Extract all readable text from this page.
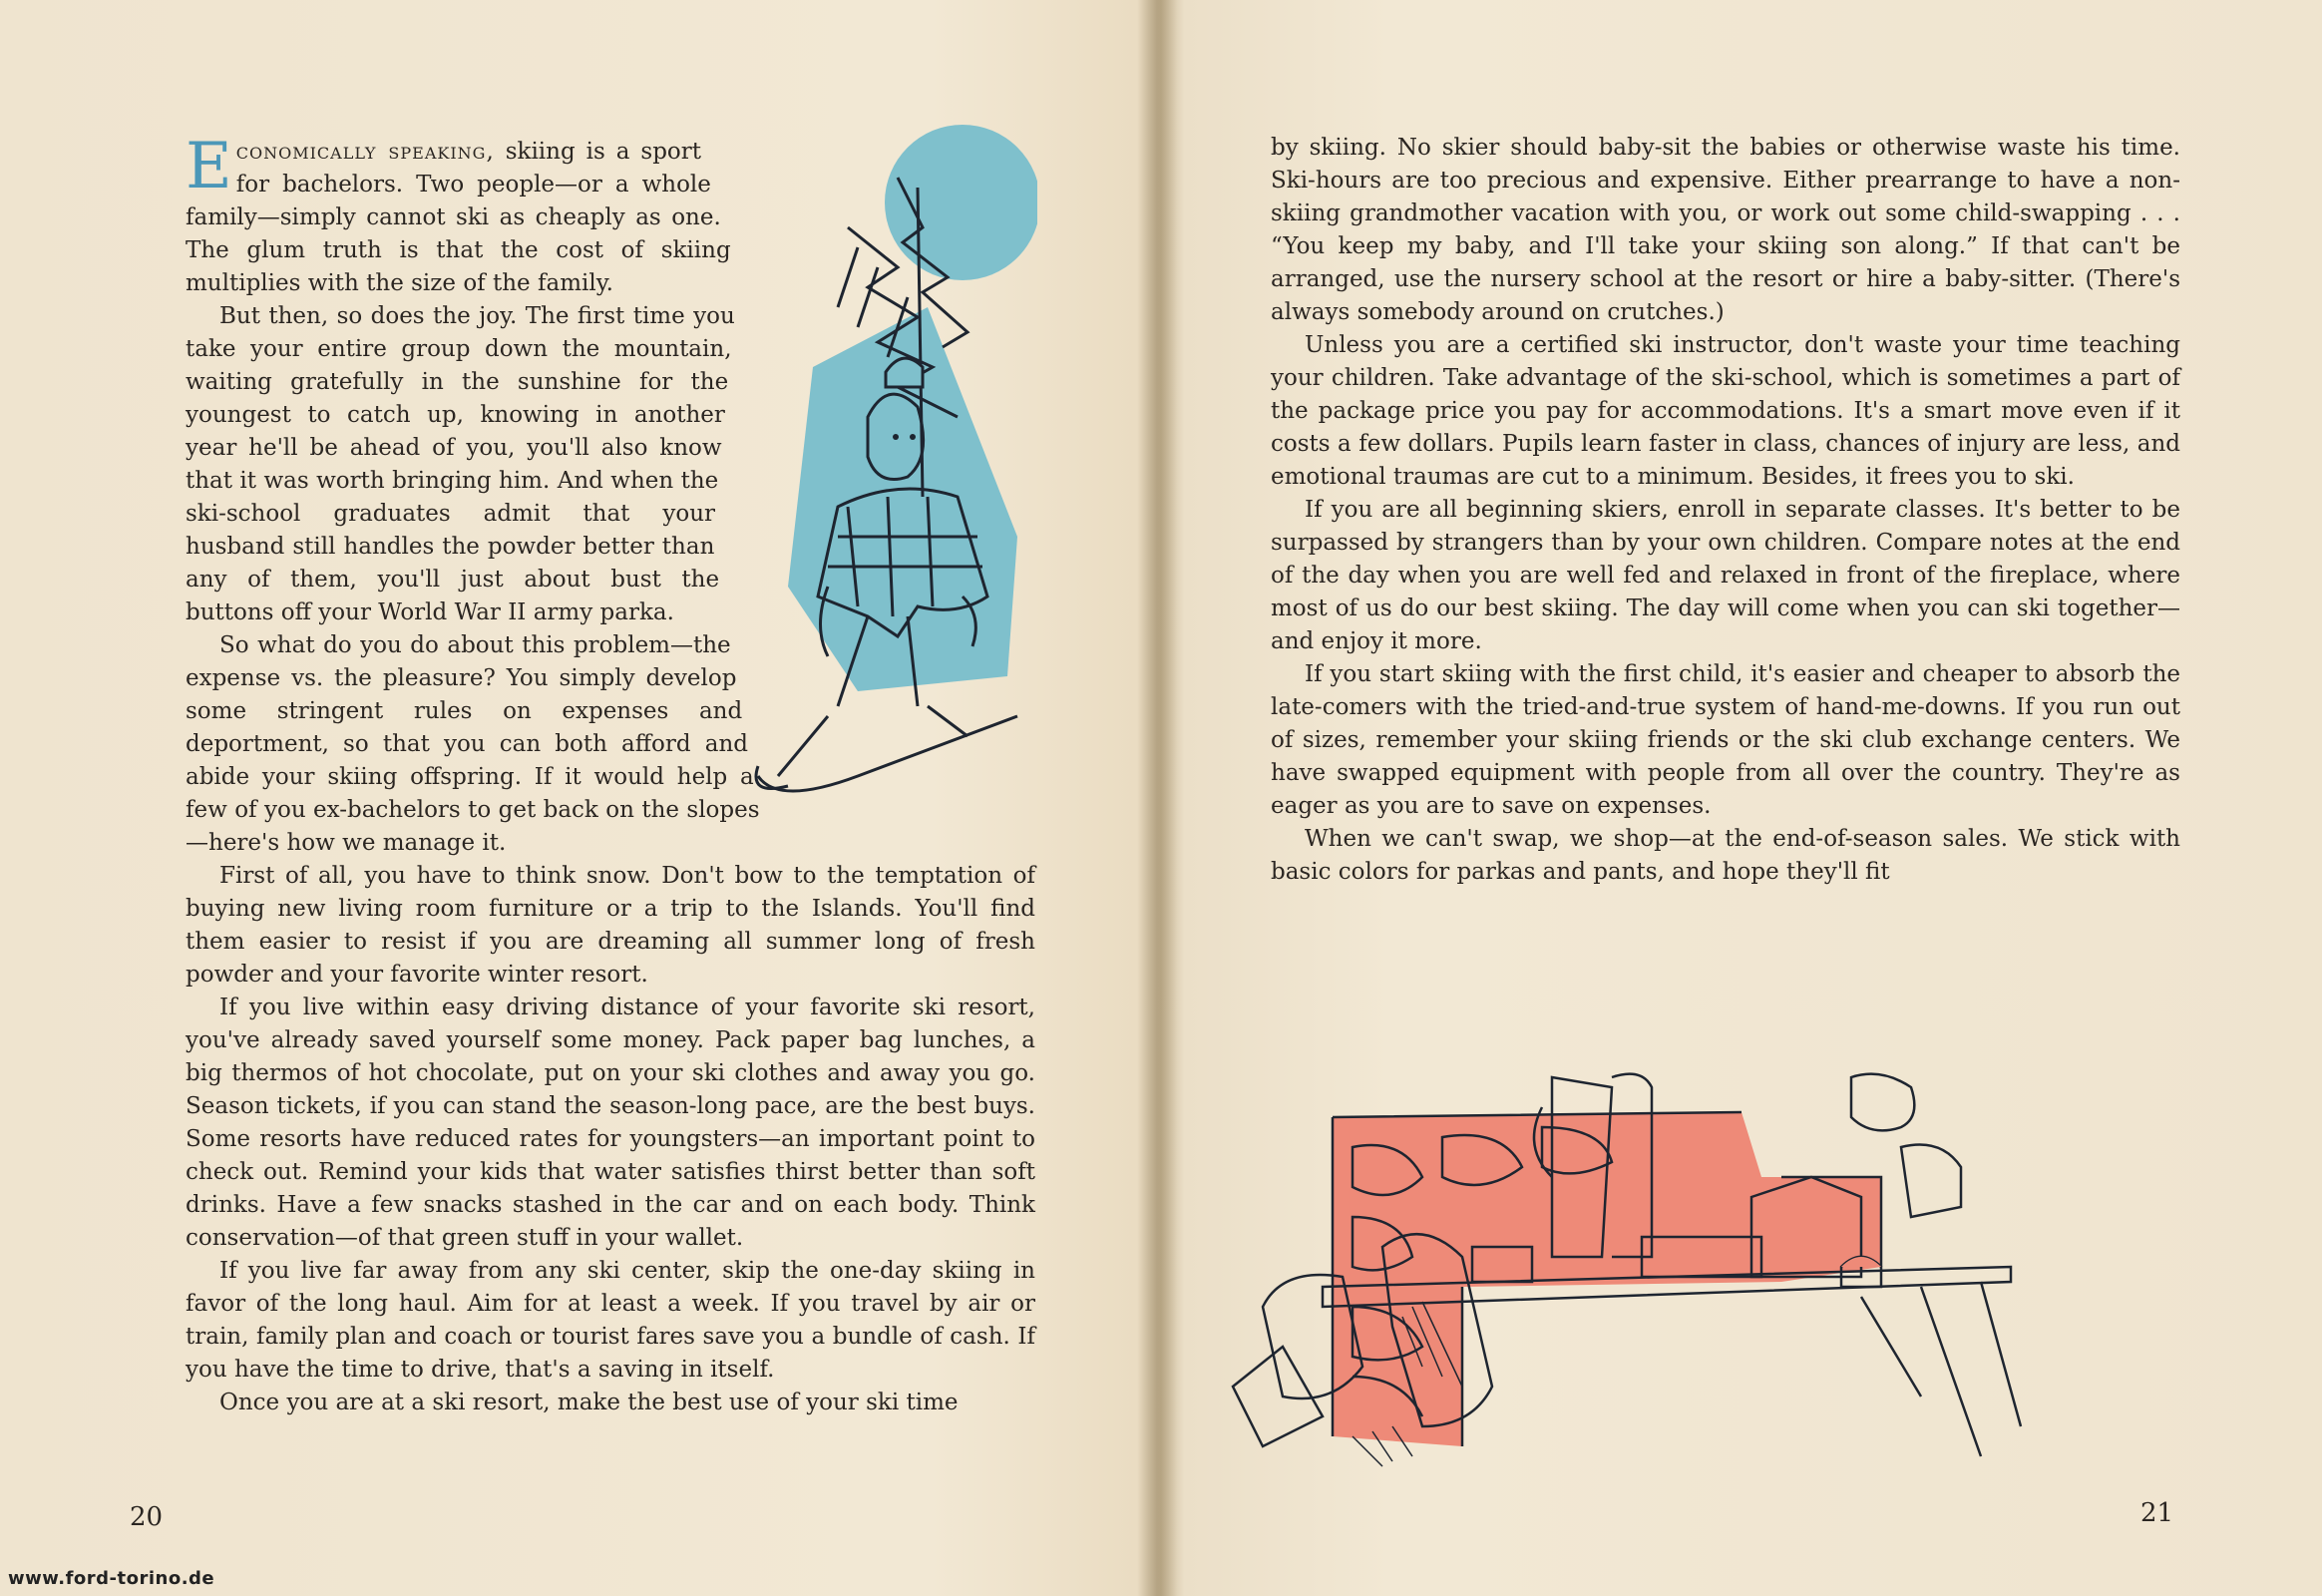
Economically speaking, skiing is a sport for bachelors. Two people—or a whole family—simply cannot ski as cheaply as one. The glum truth is that the cost of skiing multiplies with the size of the family.

But then, so does the joy. The first time you take your entire group down the mountain, waiting gratefully in the sunshine for the youngest to catch up, knowing in another year he'll be ahead of you, you'll also know that it was worth bringing him. And when the ski-school graduates admit that your husband still handles the powder better than any of them, you'll just about bust the buttons off your World War II army parka.

So what do you do about this problem—the expense vs. the pleasure? You simply develop some stringent rules on expenses and deportment, so that you can both afford and abide your skiing offspring. If it would help a few of you ex-bachelors to get back on the slopes—here's how we manage it.

First of all, you have to think snow. Don't bow to the temptation of buying new living room furniture or a trip to the Islands. You'll find them easier to resist if you are dreaming all summer long of fresh powder and your favorite winter resort.

If you live within easy driving distance of your favorite ski resort, you've already saved yourself some money. Pack paper bag lunches, a big thermos of hot chocolate, put on your ski clothes and away you go. Season tickets, if you can stand the season-long pace, are the best buys. Some resorts have reduced rates for youngsters—an important point to check out. Remind your kids that water satisfies thirst better than soft drinks. Have a few snacks stashed in the car and on each body. Think conservation—of that green stuff in your wallet.

If you live far away from any ski center, skip the one-day skiing in favor of the long haul. Aim for at least a week. If you travel by air or train, family plan and coach or tourist fares save you a bundle of cash. If you have the time to drive, that's a saving in itself.

Once you are at a ski resort, make the best use of your ski time

20

by skiing. No skier should baby-sit the babies or otherwise waste his time. Ski-hours are too precious and expensive. Either prearrange to have a non-skiing grandmother vacation with you, or work out some child-swapping . . . “You keep my baby, and I'll take your skiing son along.” If that can't be arranged, use the nursery school at the resort or hire a baby-sitter. (There's always somebody around on crutches.)

Unless you are a certified ski instructor, don't waste your time teaching your children. Take advantage of the ski-school, which is sometimes a part of the package price you pay for accommodations. It's a smart move even if it costs a few dollars. Pupils learn faster in class, chances of injury are less, and emotional traumas are cut to a minimum. Besides, it frees you to ski.

If you are all beginning skiers, enroll in separate classes. It's better to be surpassed by strangers than by your own children. Compare notes at the end of the day when you are well fed and relaxed in front of the fireplace, where most of us do our best skiing. The day will come when you can ski together—and enjoy it more.

If you start skiing with the first child, it's easier and cheaper to absorb the late-comers with the tried-and-true system of hand-me-downs. If you run out of sizes, remember your skiing friends or the ski club exchange centers. We have swapped equipment with people from all over the country. They're as eager as you are to save on expenses.

When we can't swap, we shop—at the end-of-season sales. We stick with basic colors for parkas and pants, and hope they'll fit

21
www.ford-torino.de
